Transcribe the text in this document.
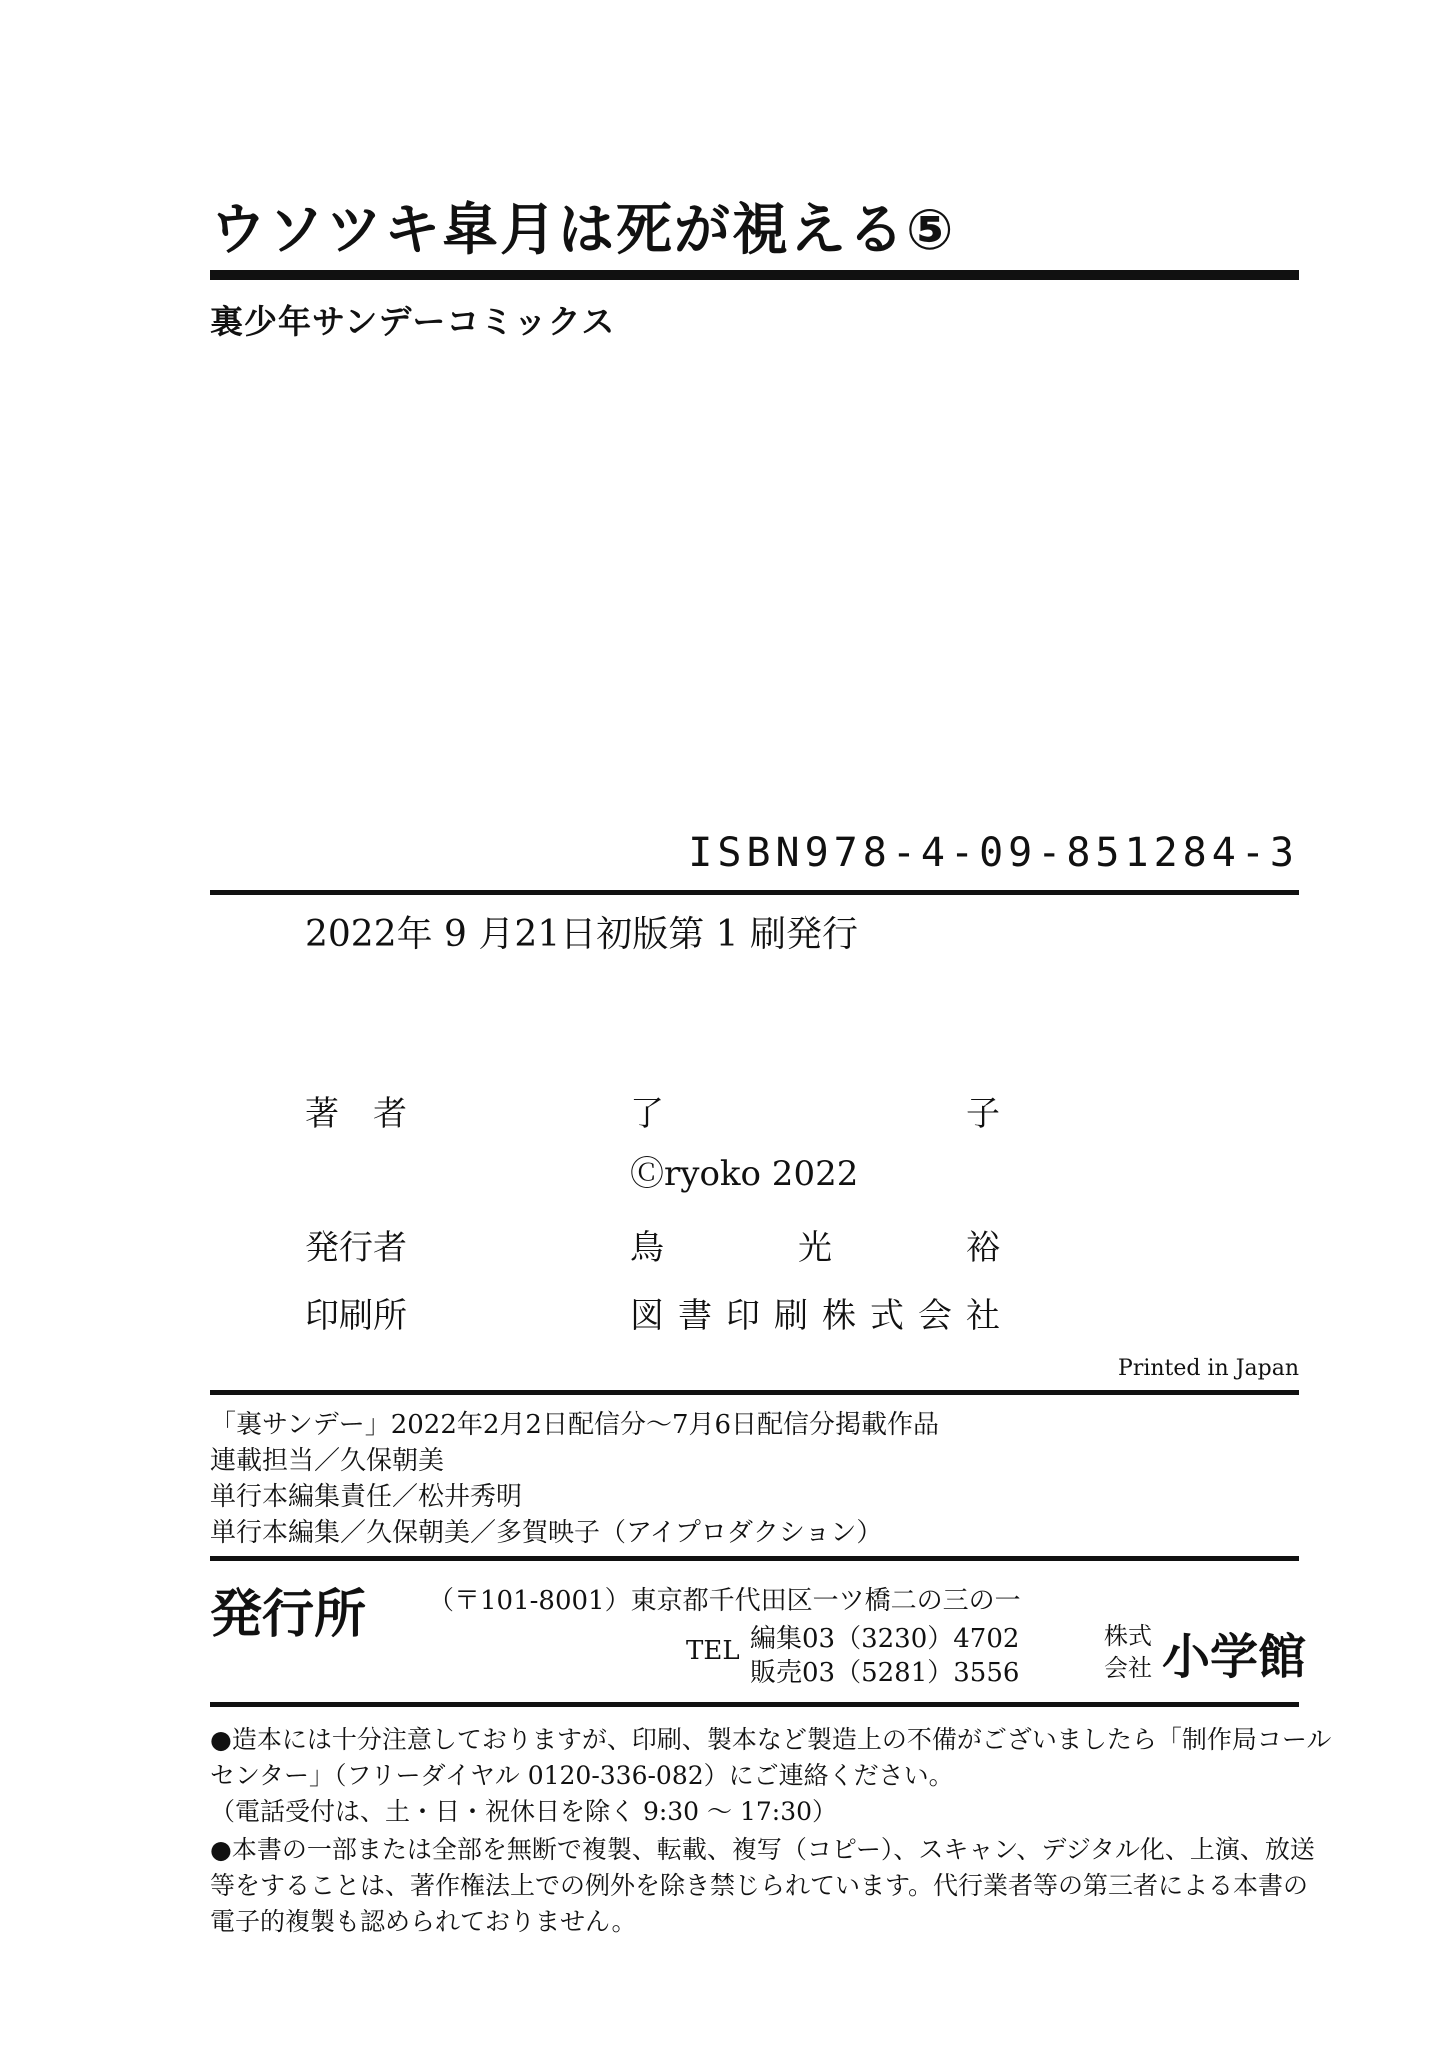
ウソツキ皐月は死が視える⑤
裏少年サンデーコミックス
ISBN978-4-09-851284-3
2022年 9 月21日初版第 1 刷発行
著　者	了	子
Ⓒryoko 2022
発行者	鳥	光	裕
印刷所	図 書 印 刷 株 式 会 社
Printed in Japan
「裏サンデー」2022年2月2日配信分～7月6日配信分掲載作品
連載担当／久保朝美
単行本編集責任／松井秀明
単行本編集／久保朝美／多賀映子（アイプロダクション）
発行所 （〒101-8001）東京都千代田区一ツ橋二の三の一
TEL 編集03（3230）4702
販売03（5281）3556
株式
会社 小学館
●造本には十分注意しておりますが、印刷、製本など製造上の不備がございましたら「制作局コール
センター」（フリーダイヤル 0120-336-082）にご連絡ください。
（電話受付は、土・日・祝休日を除く 9:30 ～ 17:30）
●本書の一部または全部を無断で複製、転載、複写（コピー）、スキャン、デジタル化、上演、放送
等をすることは、著作権法上での例外を除き禁じられています。代行業者等の第三者による本書の
電子的複製も認められておりません。
